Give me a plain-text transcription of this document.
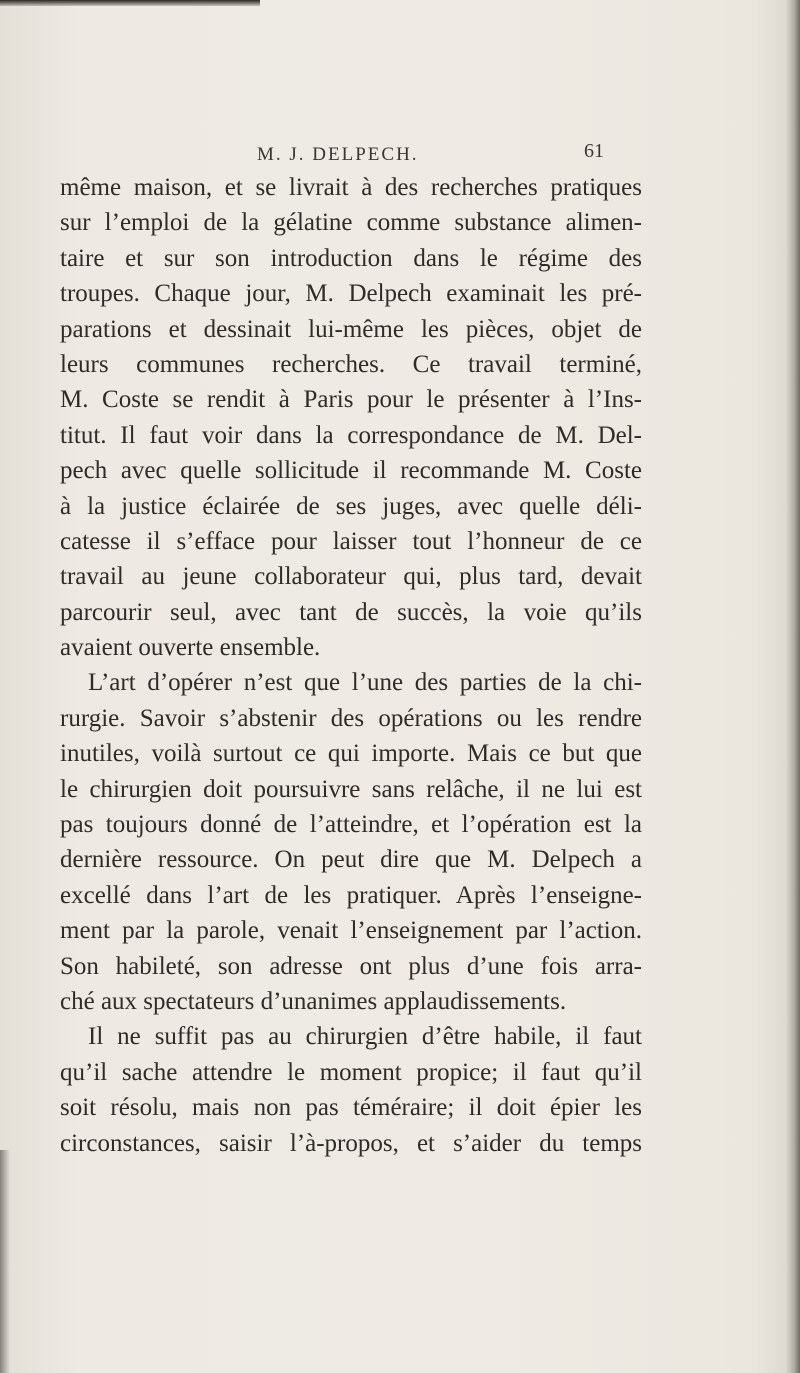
M. J. DELPECH.	61
même maison, et se livrait à des recherches pratiques
sur l’emploi de la gélatine comme substance alimen-
taire et sur son introduction dans le régime des
troupes. Chaque jour, M. Delpech examinait les pré-
parations et dessinait lui-même les pièces, objet de
leurs communes recherches. Ce travail terminé,
M. Coste se rendit à Paris pour le présenter à l’Ins-
titut. Il faut voir dans la correspondance de M. Del-
pech avec quelle sollicitude il recommande M. Coste
à la justice éclairée de ses juges, avec quelle déli-
catesse il s’efface pour laisser tout l’honneur de ce
travail au jeune collaborateur qui, plus tard, devait
parcourir seul, avec tant de succès, la voie qu’ils
avaient ouverte ensemble.
L’art d’opérer n’est que l’une des parties de la chi-
rurgie. Savoir s’abstenir des opérations ou les rendre
inutiles, voilà surtout ce qui importe. Mais ce but que
le chirurgien doit poursuivre sans relâche, il ne lui est
pas toujours donné de l’atteindre, et l’opération est la
dernière ressource. On peut dire que M. Delpech a
excellé dans l’art de les pratiquer. Après l’enseigne-
ment par la parole, venait l’enseignement par l’action.
Son habileté, son adresse ont plus d’une fois arra-
ché aux spectateurs d’unanimes applaudissements.
Il ne suffit pas au chirurgien d’être habile, il faut
qu’il sache attendre le moment propice; il faut qu’il
soit résolu, mais non pas téméraire; il doit épier les
circonstances, saisir l’à-propos, et s’aider du temps
